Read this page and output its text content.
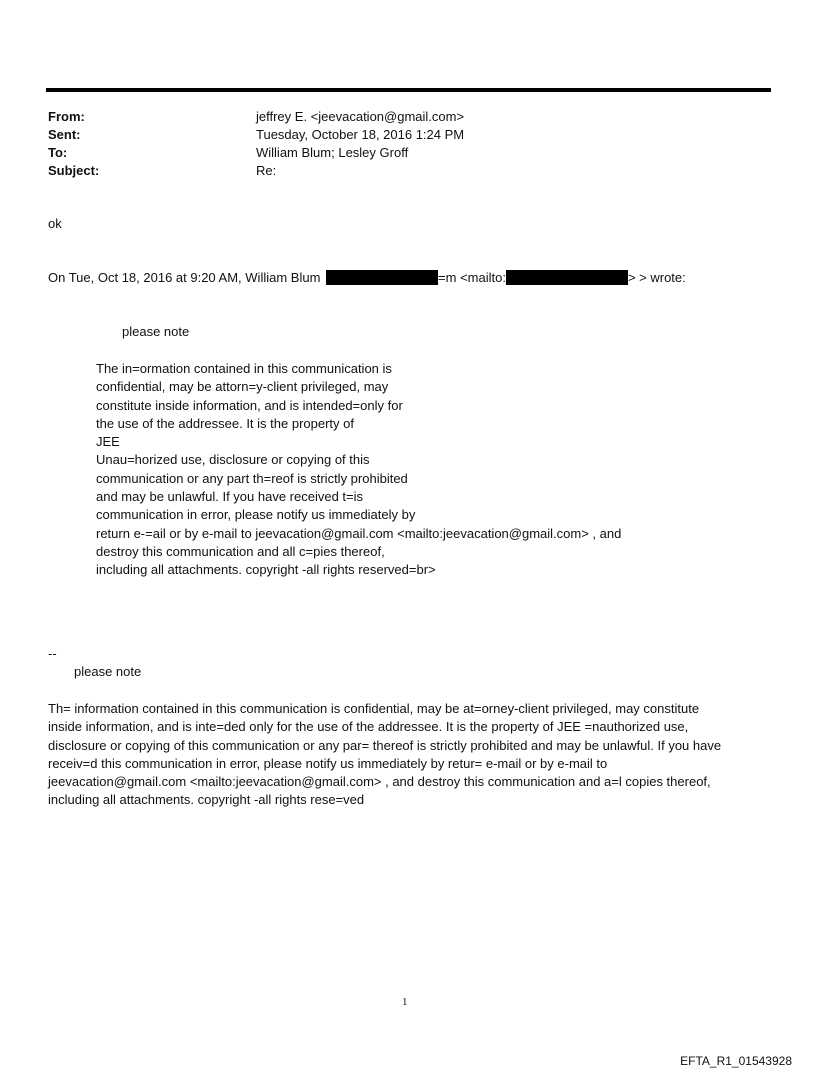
From:	jeffrey E. <jeevacation@gmail.com>
Sent:	Tuesday, October 18, 2016 1:24 PM
To:	William Blum; Lesley Groff
Subject:	Re:
ok
On Tue, Oct 18, 2016 at 9:20 AM, William Blum	=m <mailto:	> > wrote:
please note
The in=ormation contained in this communication is
confidential, may be attorn=y-client privileged, may
constitute inside information, and is intended=only for
the use of the addressee. It is the property of
JEE
Unau=horized use, disclosure or copying of this
communication or any part th=reof is strictly prohibited
and may be unlawful. If you have received t=is
communication in error, please notify us immediately by
return e-=ail or by e-mail to jeevacation@gmail.com <mailto:jeevacation@gmail.com> , and
destroy this communication and all c=pies thereof,
including all attachments. copyright -all rights reserved=br>
--
please note
Th= information contained in this communication is confidential, may be at=orney-client privileged, may constitute
inside information, and is inte=ded only for the use of the addressee. It is the property of JEE =nauthorized use,
disclosure or copying of this communication or any par= thereof is strictly prohibited and may be unlawful. If you have
receiv=d this communication in error, please notify us immediately by retur= e-mail or by e-mail to
jeevacation@gmail.com <mailto:jeevacation@gmail.com> , and destroy this communication and a=l copies thereof,
including all attachments. copyright -all rights rese=ved
1
EFTA_R1_01543928
